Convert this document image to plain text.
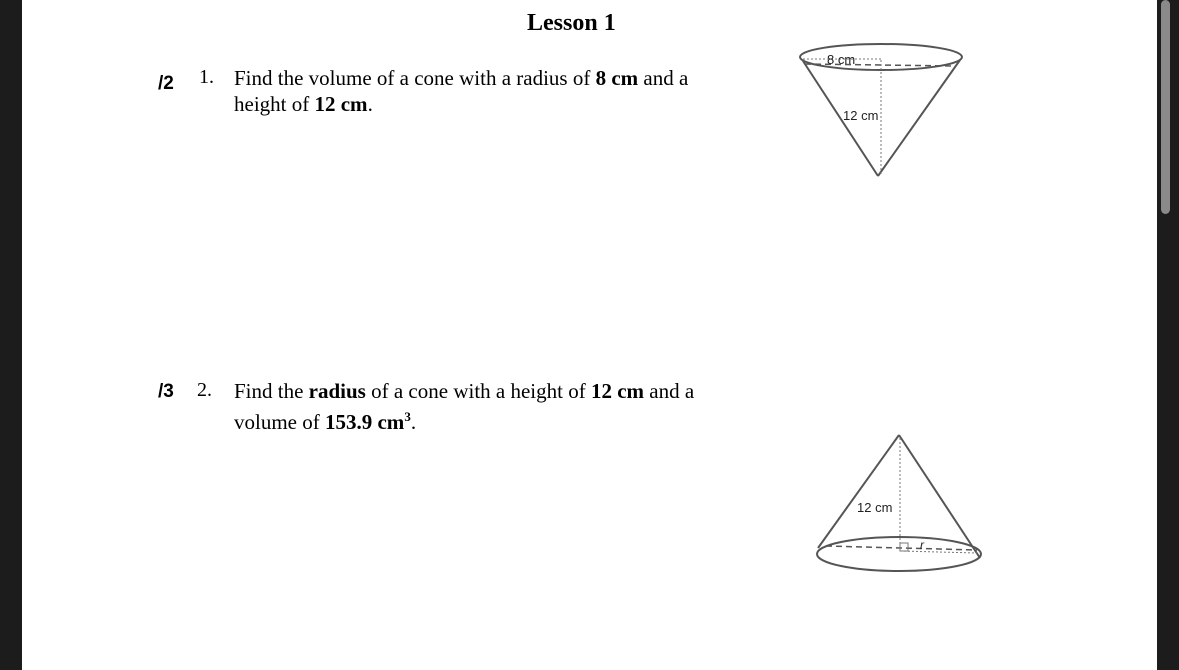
Lesson 1
/2 1. Find the volume of a cone with a radius of 8 cm and a
height of 12 cm.
8 cm
12 cm
/3 2. Find the radius of a cone with a height of 12 cm and a
volume of 153.9 $cm^3$.
12 cm
r
